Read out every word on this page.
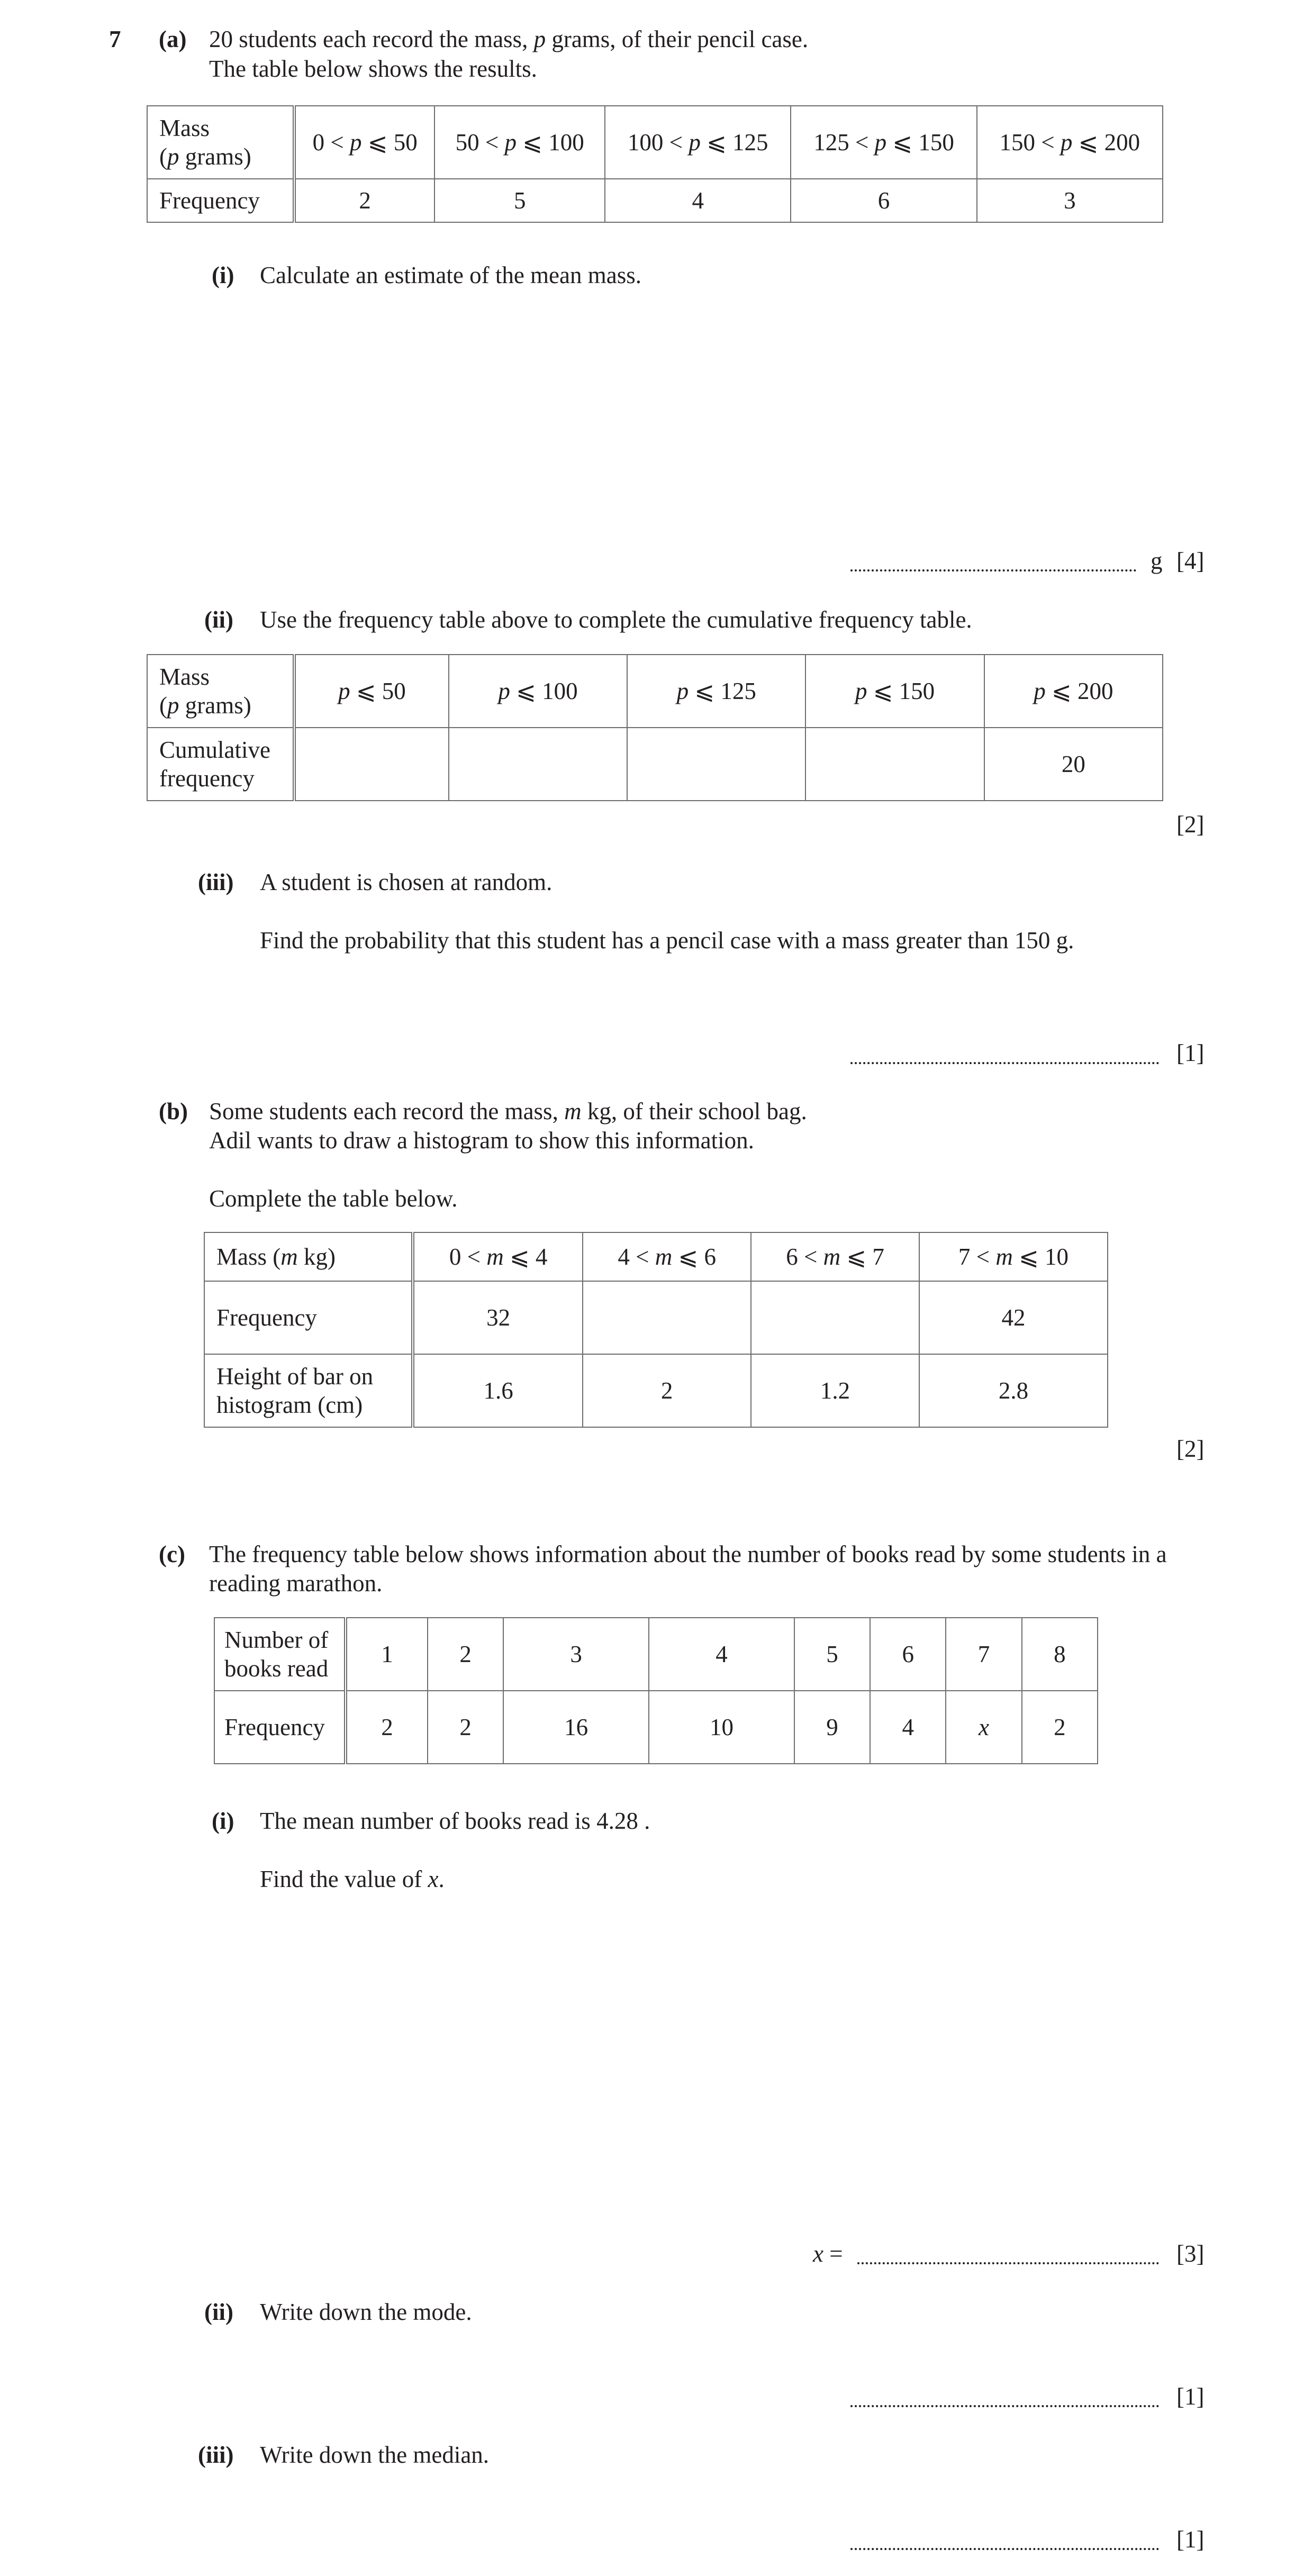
7 (a) 20 students each record the mass, p grams, of their pencil case.
The table below shows the results.
Mass
(p grams)	0 < p ⩽ 50	50 < p ⩽ 100	100 < p ⩽ 125	125 < p ⩽ 150	150 < p ⩽ 200
Frequency	2	5	4	6	3
(i) Calculate an estimate of the mean mass.
g [4]
(ii) Use the frequency table above to complete the cumulative frequency table.
Mass
(p grams)	p ⩽ 50	p ⩽ 100	p ⩽ 125	p ⩽ 150	p ⩽ 200
Cumulative
frequency					20
[2]
(iii) A student is chosen at random.
Find the probability that this student has a pencil case with a mass greater than 150 g.
[1]
(b) Some students each record the mass, m kg, of their school bag.
Adil wants to draw a histogram to show this information.
Complete the table below.
Mass (m kg)	0 < m ⩽ 4	4 < m ⩽ 6	6 < m ⩽ 7	7 < m ⩽ 10
Frequency	32			42
Height of bar on
histogram (cm)	1.6	2	1.2	2.8
[2]
(c) The frequency table below shows information about the number of books read by some students in a
reading marathon.
Number of
books read	1	2	3	4	5	6	7	8
Frequency	2	2	16	10	9	4	x	2
(i) The mean number of books read is 4.28 .
Find the value of x.
x =	[3]
(ii) Write down the mode.
[1]
(iii) Write down the median.
[1]
